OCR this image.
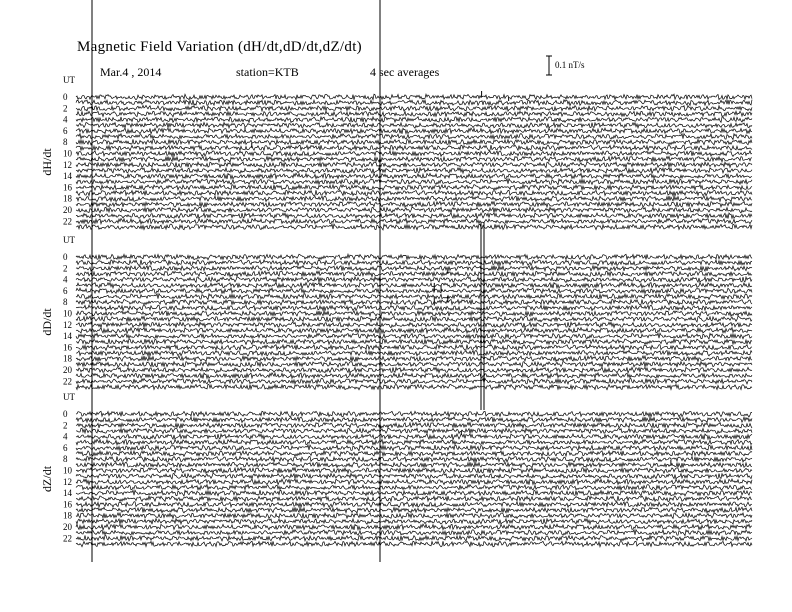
Magnetic Field Variation (dH/dt,dD/dt,dZ/dt)
Mar.4 , 2014	station=KTB	4 sec averages	0.1 nT/s
UT
0
2
4
6
8
10
12
14
16
18
20
22
dH/dt
UT
0
2
4
6
8
10
12
14
16
18
20
22
dD/dt
UT
0
2
4
6
8
10
12
14
16
18
20
22
dZ/dt
